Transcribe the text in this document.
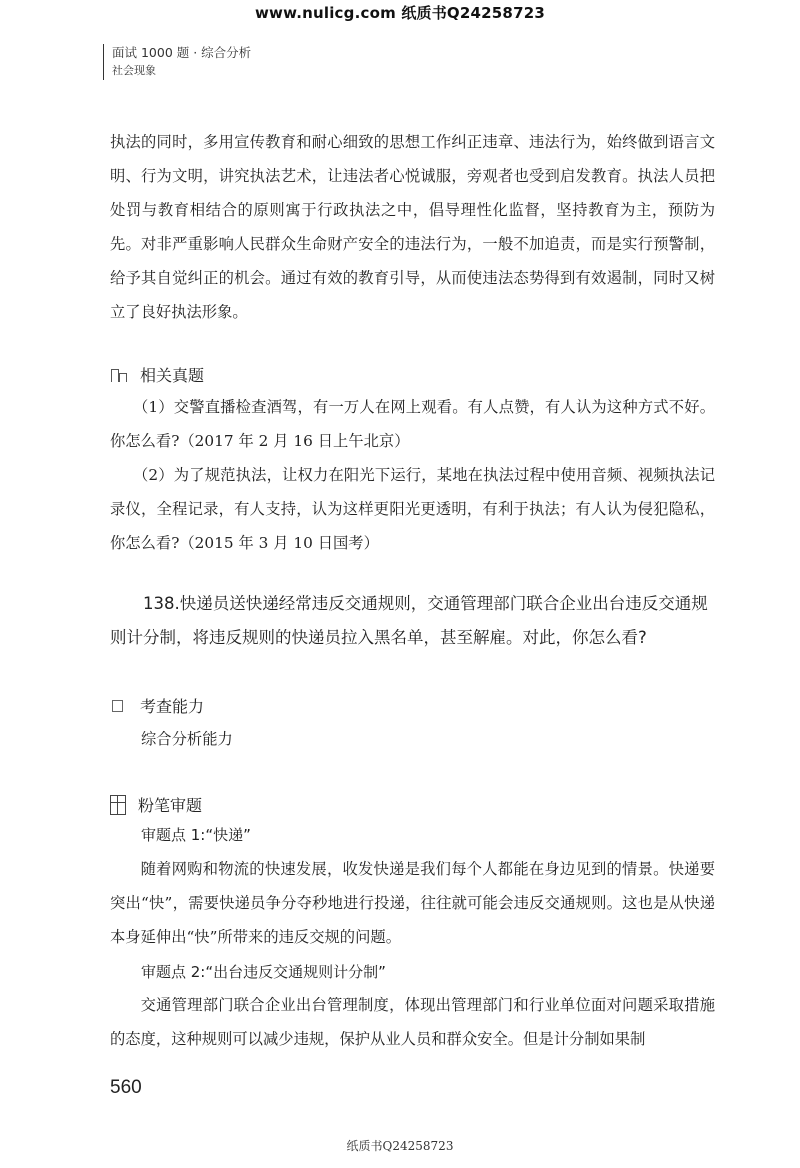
www.nulicg.com 纸质书Q24258723
面试 1000 题 · 综合分析
社会现象

执法的同时，多用宣传教育和耐心细致的思想工作纠正违章、违法行为，始终做到语言文明、行为文明，讲究执法艺术，让违法者心悦诚服，旁观者也受到启发教育。执法人员把处罚与教育相结合的原则寓于行政执法之中，倡导理性化监督，坚持教育为主，预防为先。对非严重影响人民群众生命财产安全的违法行为，一般不加追责，而是实行预警制，给予其自觉纠正的机会。通过有效的教育引导，从而使违法态势得到有效遏制，同时又树立了良好执法形象。

相关真题

（1）交警直播检查酒驾，有一万人在网上观看。有人点赞，有人认为这种方式不好。你怎么看?（2017 年 2 月 16 日上午北京）

（2）为了规范执法，让权力在阳光下运行，某地在执法过程中使用音频、视频执法记录仪，全程记录，有人支持，认为这样更阳光更透明，有利于执法；有人认为侵犯隐私，你怎么看?（2015 年 3 月 10 日国考）

138.快递员送快递经常违反交通规则，交通管理部门联合企业出台违反交通规则计分制，将违反规则的快递员拉入黑名单，甚至解雇。对此，你怎么看?

考查能力
综合分析能力
粉笔审题
审题点 1:“快递”

随着网购和物流的快速发展，收发快递是我们每个人都能在身边见到的情景。快递要突出“快”，需要快递员争分夺秒地进行投递，往往就可能会违反交通规则。这也是从快递本身延伸出“快”所带来的违反交规的问题。

审题点 2:“出台违反交通规则计分制”

交通管理部门联合企业出台管理制度，体现出管理部门和行业单位面对问题采取措施的态度，这种规则可以减少违规，保护从业人员和群众安全。但是计分制如果制

560
纸质书Q24258723
